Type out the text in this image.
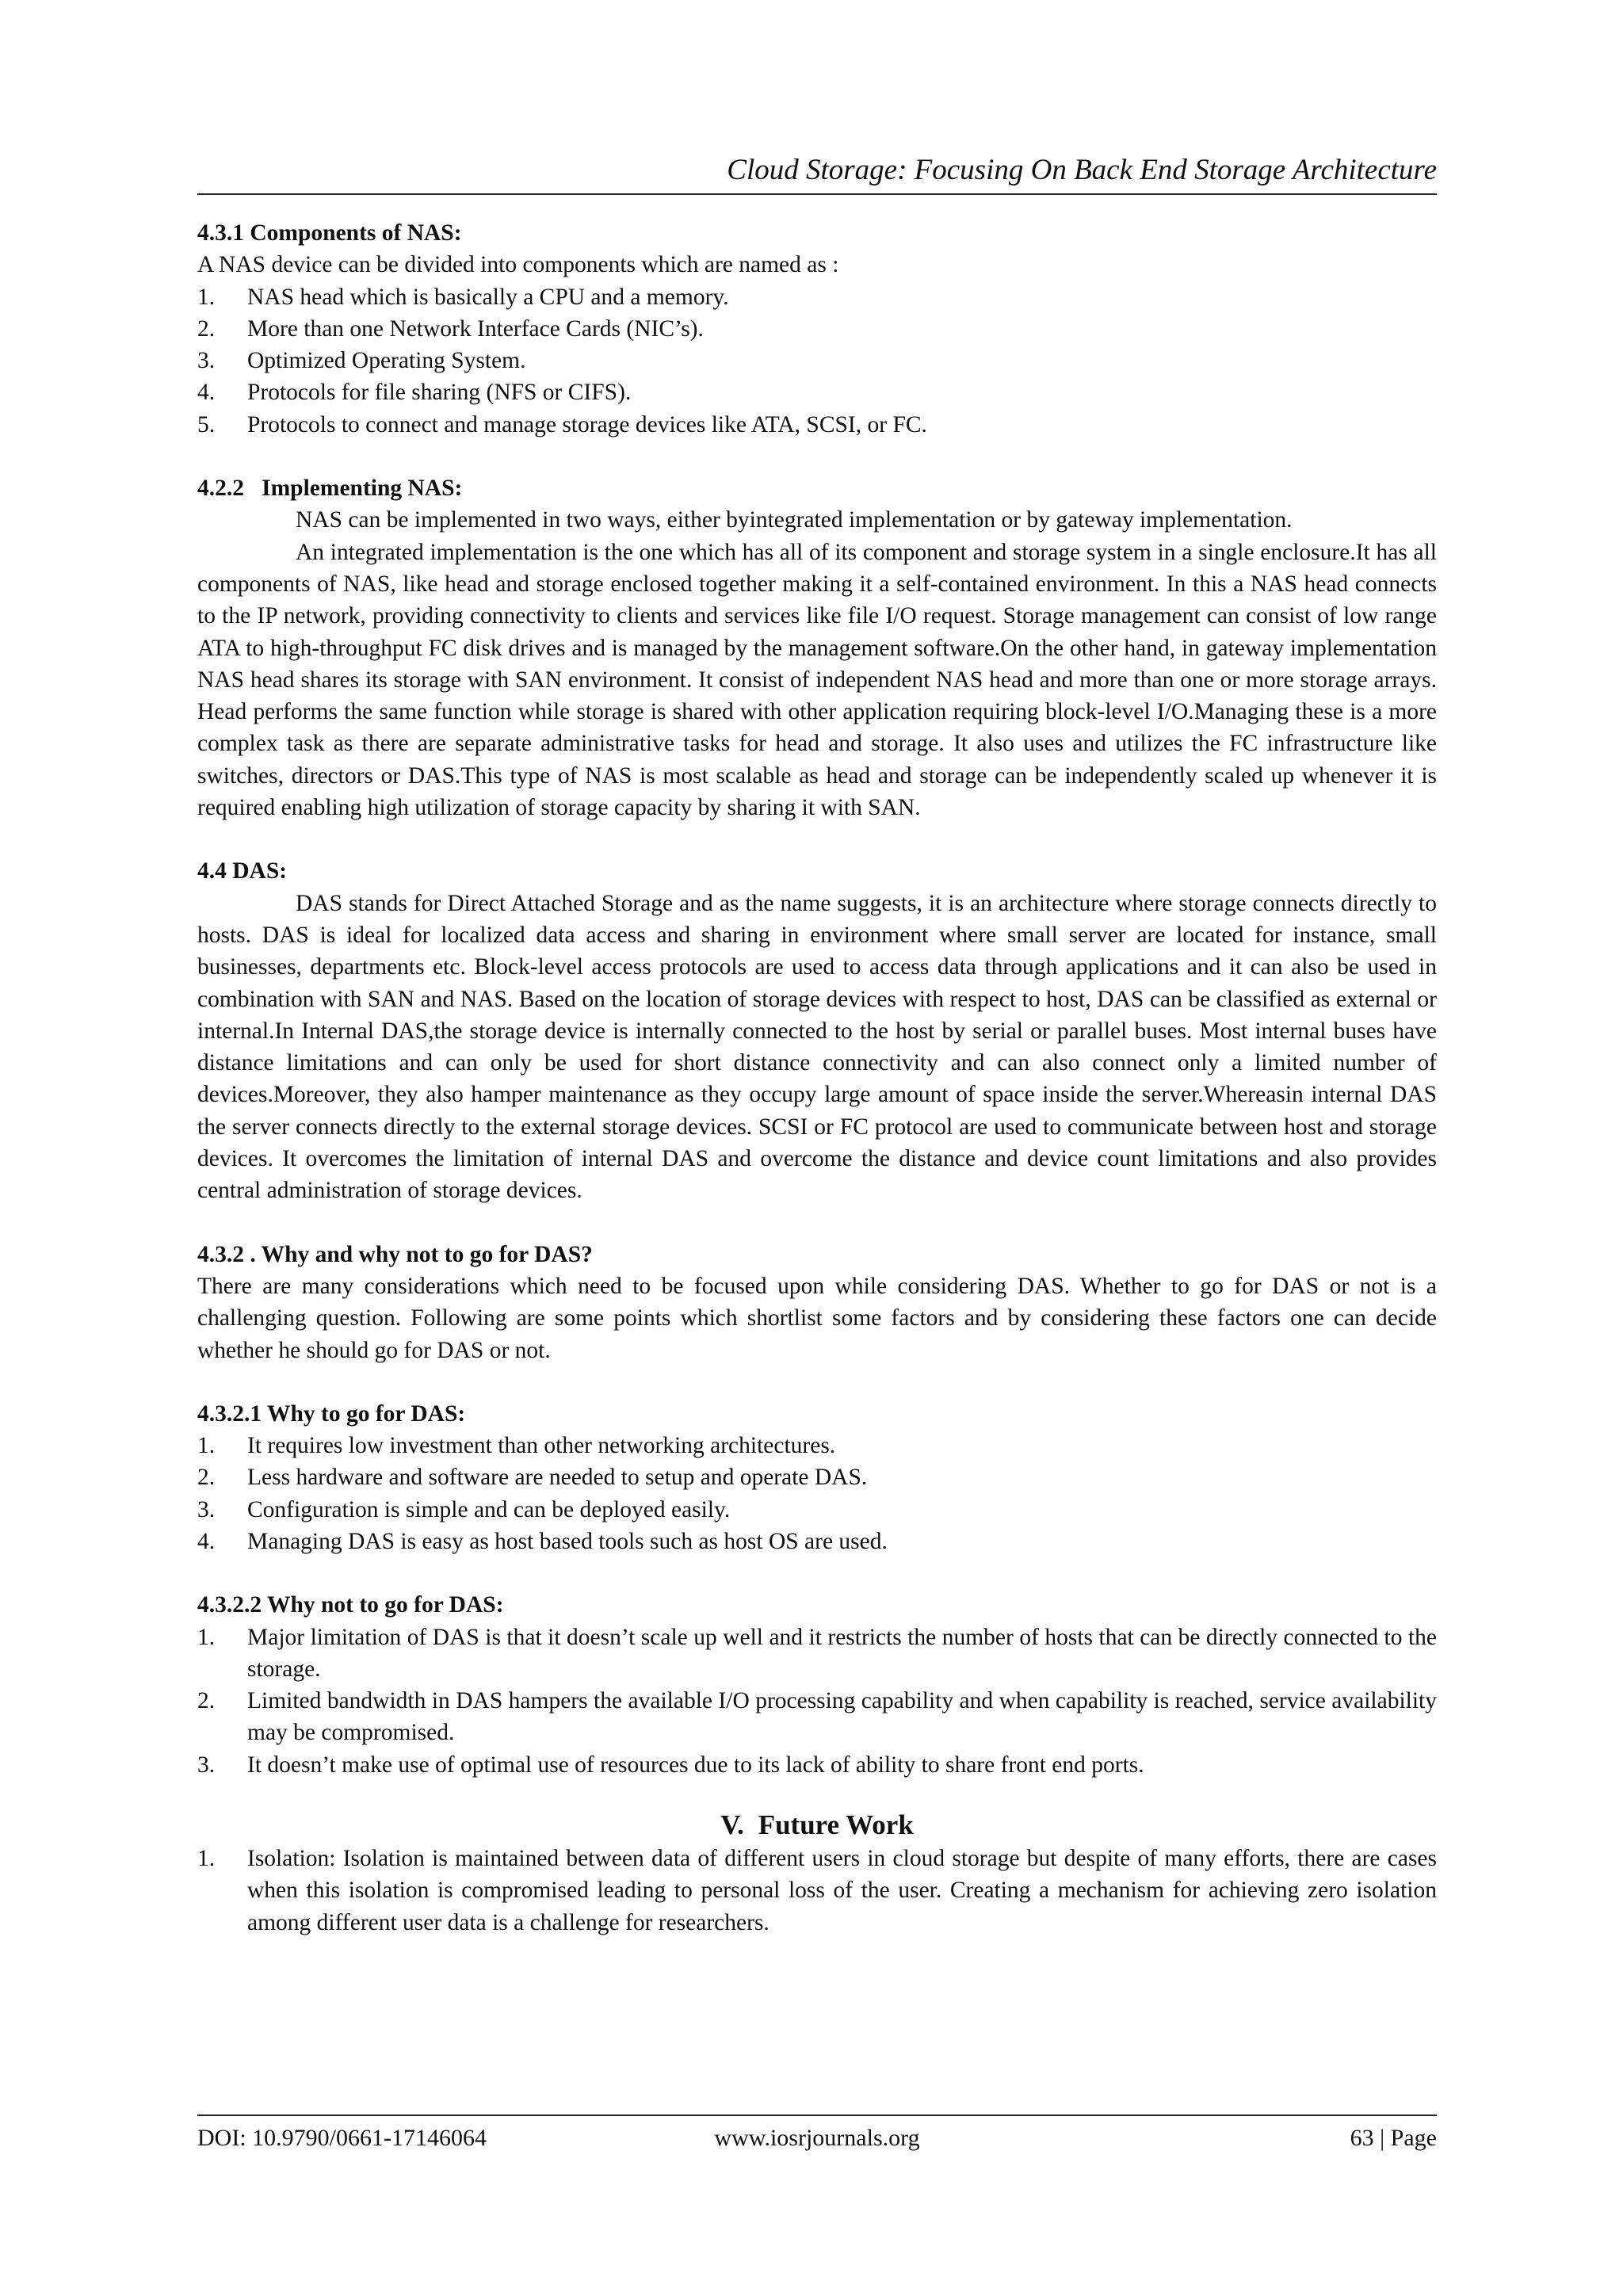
Cloud Storage: Focusing On Back End Storage Architecture

4.3.1 Components of NAS:

A NAS device can be divided into components which are named as :

1. NAS head which is basically a CPU and a memory.
2. More than one Network Interface Cards (NIC’s).
3. Optimized Operating System.
4. Protocols for file sharing (NFS or CIFS).
5. Protocols to connect and manage storage devices like ATA, SCSI, or FC.

4.2.2   Implementing NAS:

NAS can be implemented in two ways, either byintegrated implementation or by gateway implementation.

An integrated implementation is the one which has all of its component and storage system in a single enclosure.It has all components of NAS, like head and storage enclosed together making it a self-contained environment. In this a NAS head connects to the IP network, providing connectivity to clients and services like file I/O request. Storage management can consist of low range ATA to high-throughput FC disk drives and is managed by the management software.On the other hand, in gateway implementation NAS head shares its storage with SAN environment. It consist of independent NAS head and more than one or more storage arrays. Head performs the same function while storage is shared with other application requiring block-level I/O.Managing these is a more complex task as there are separate administrative tasks for head and storage. It also uses and utilizes the FC infrastructure like switches, directors or DAS.This type of NAS is most scalable as head and storage can be independently scaled up whenever it is required enabling high utilization of storage capacity by sharing it with SAN.

4.4 DAS:

DAS stands for Direct Attached Storage and as the name suggests, it is an architecture where storage connects directly to hosts. DAS is ideal for localized data access and sharing in environment where small server are located for instance, small businesses, departments etc. Block-level access protocols are used to access data through applications and it can also be used in combination with SAN and NAS. Based on the location of storage devices with respect to host, DAS can be classified as external or internal.In Internal DAS,the storage device is internally connected to the host by serial or parallel buses. Most internal buses have distance limitations and can only be used for short distance connectivity and can also connect only a limited number of devices.Moreover, they also hamper maintenance as they occupy large amount of space inside the server.Whereasin internal DAS the server connects directly to the external storage devices. SCSI or FC protocol are used to communicate between host and storage devices. It overcomes the limitation of internal DAS and overcome the distance and device count limitations and also provides central administration of storage devices.

4.3.2 . Why and why not to go for DAS?

There are many considerations which need to be focused upon while considering DAS. Whether to go for DAS or not is a challenging question. Following are some points which shortlist some factors and by considering these factors one can decide whether he should go for DAS or not.

4.3.2.1 Why to go for DAS:

1. It requires low investment than other networking architectures.
2. Less hardware and software are needed to setup and operate DAS.
3. Configuration is simple and can be deployed easily.
4. Managing DAS is easy as host based tools such as host OS are used.

4.3.2.2 Why not to go for DAS:

1. Major limitation of DAS is that it doesn’t scale up well and it restricts the number of hosts that can be directly connected to the storage.
2. Limited bandwidth in DAS hampers the available I/O processing capability and when capability is reached, service availability may be compromised.
3. It doesn’t make use of optimal use of resources due to its lack of ability to share front end ports.

V. Future Work

1. Isolation: Isolation is maintained between data of different users in cloud storage but despite of many efforts, there are cases when this isolation is compromised leading to personal loss of the user. Creating a mechanism for achieving zero isolation among different user data is a challenge for researchers.
DOI: 10.9790/0661-17146064	www.iosrjournals.org	63 | Page
